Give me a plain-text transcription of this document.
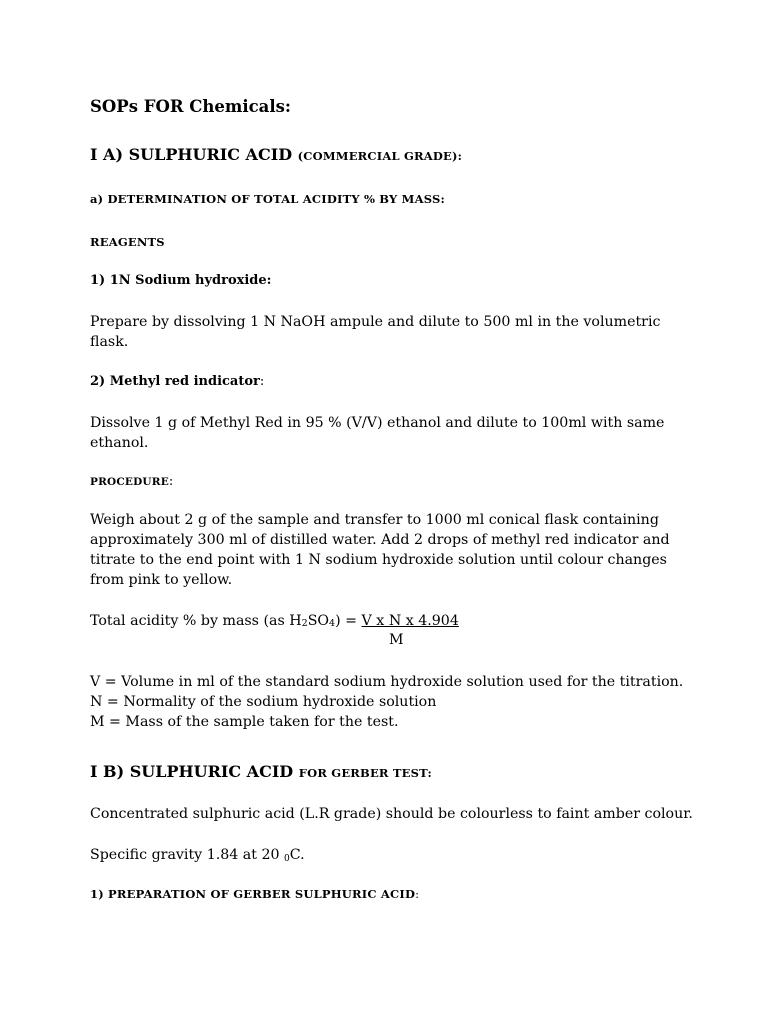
SOPs FOR Chemicals:
I A) SULPHURIC ACID (COMMERCIAL GRADE):
a) DETERMINATION OF TOTAL ACIDITY % BY MASS:
REAGENTS
1) 1N Sodium hydroxide:
Prepare by dissolving 1 N NaOH ampule and dilute to 500 ml in the volumetric
flask.
2) Methyl red indicator:
Dissolve 1 g of Methyl Red in 95 % (V/V) ethanol and dilute to 100ml with same
ethanol.
PROCEDURE:
Weigh about 2 g of the sample and transfer to 1000 ml conical flask containing
approximately 300 ml of distilled water. Add 2 drops of methyl red indicator and
titrate to the end point with 1 N sodium hydroxide solution until colour changes
from pink to yellow.
Total acidity % by mass (as $H_2SO_4) = V$ x N x 4.904
M
V = Volume in ml of the standard sodium hydroxide solution used for the titration.
N = Normality of the sodium hydroxide solution
M = Mass of the sample taken for the test.
I B) SULPHURIC ACID FOR GERBER TEST:
Concentrated sulphuric acid (L.R grade) should be colourless to faint amber colour.
Specific gravity 1.84 at 20 $_0$C.
1) PREPARATION OF GERBER SULPHURIC ACID:
